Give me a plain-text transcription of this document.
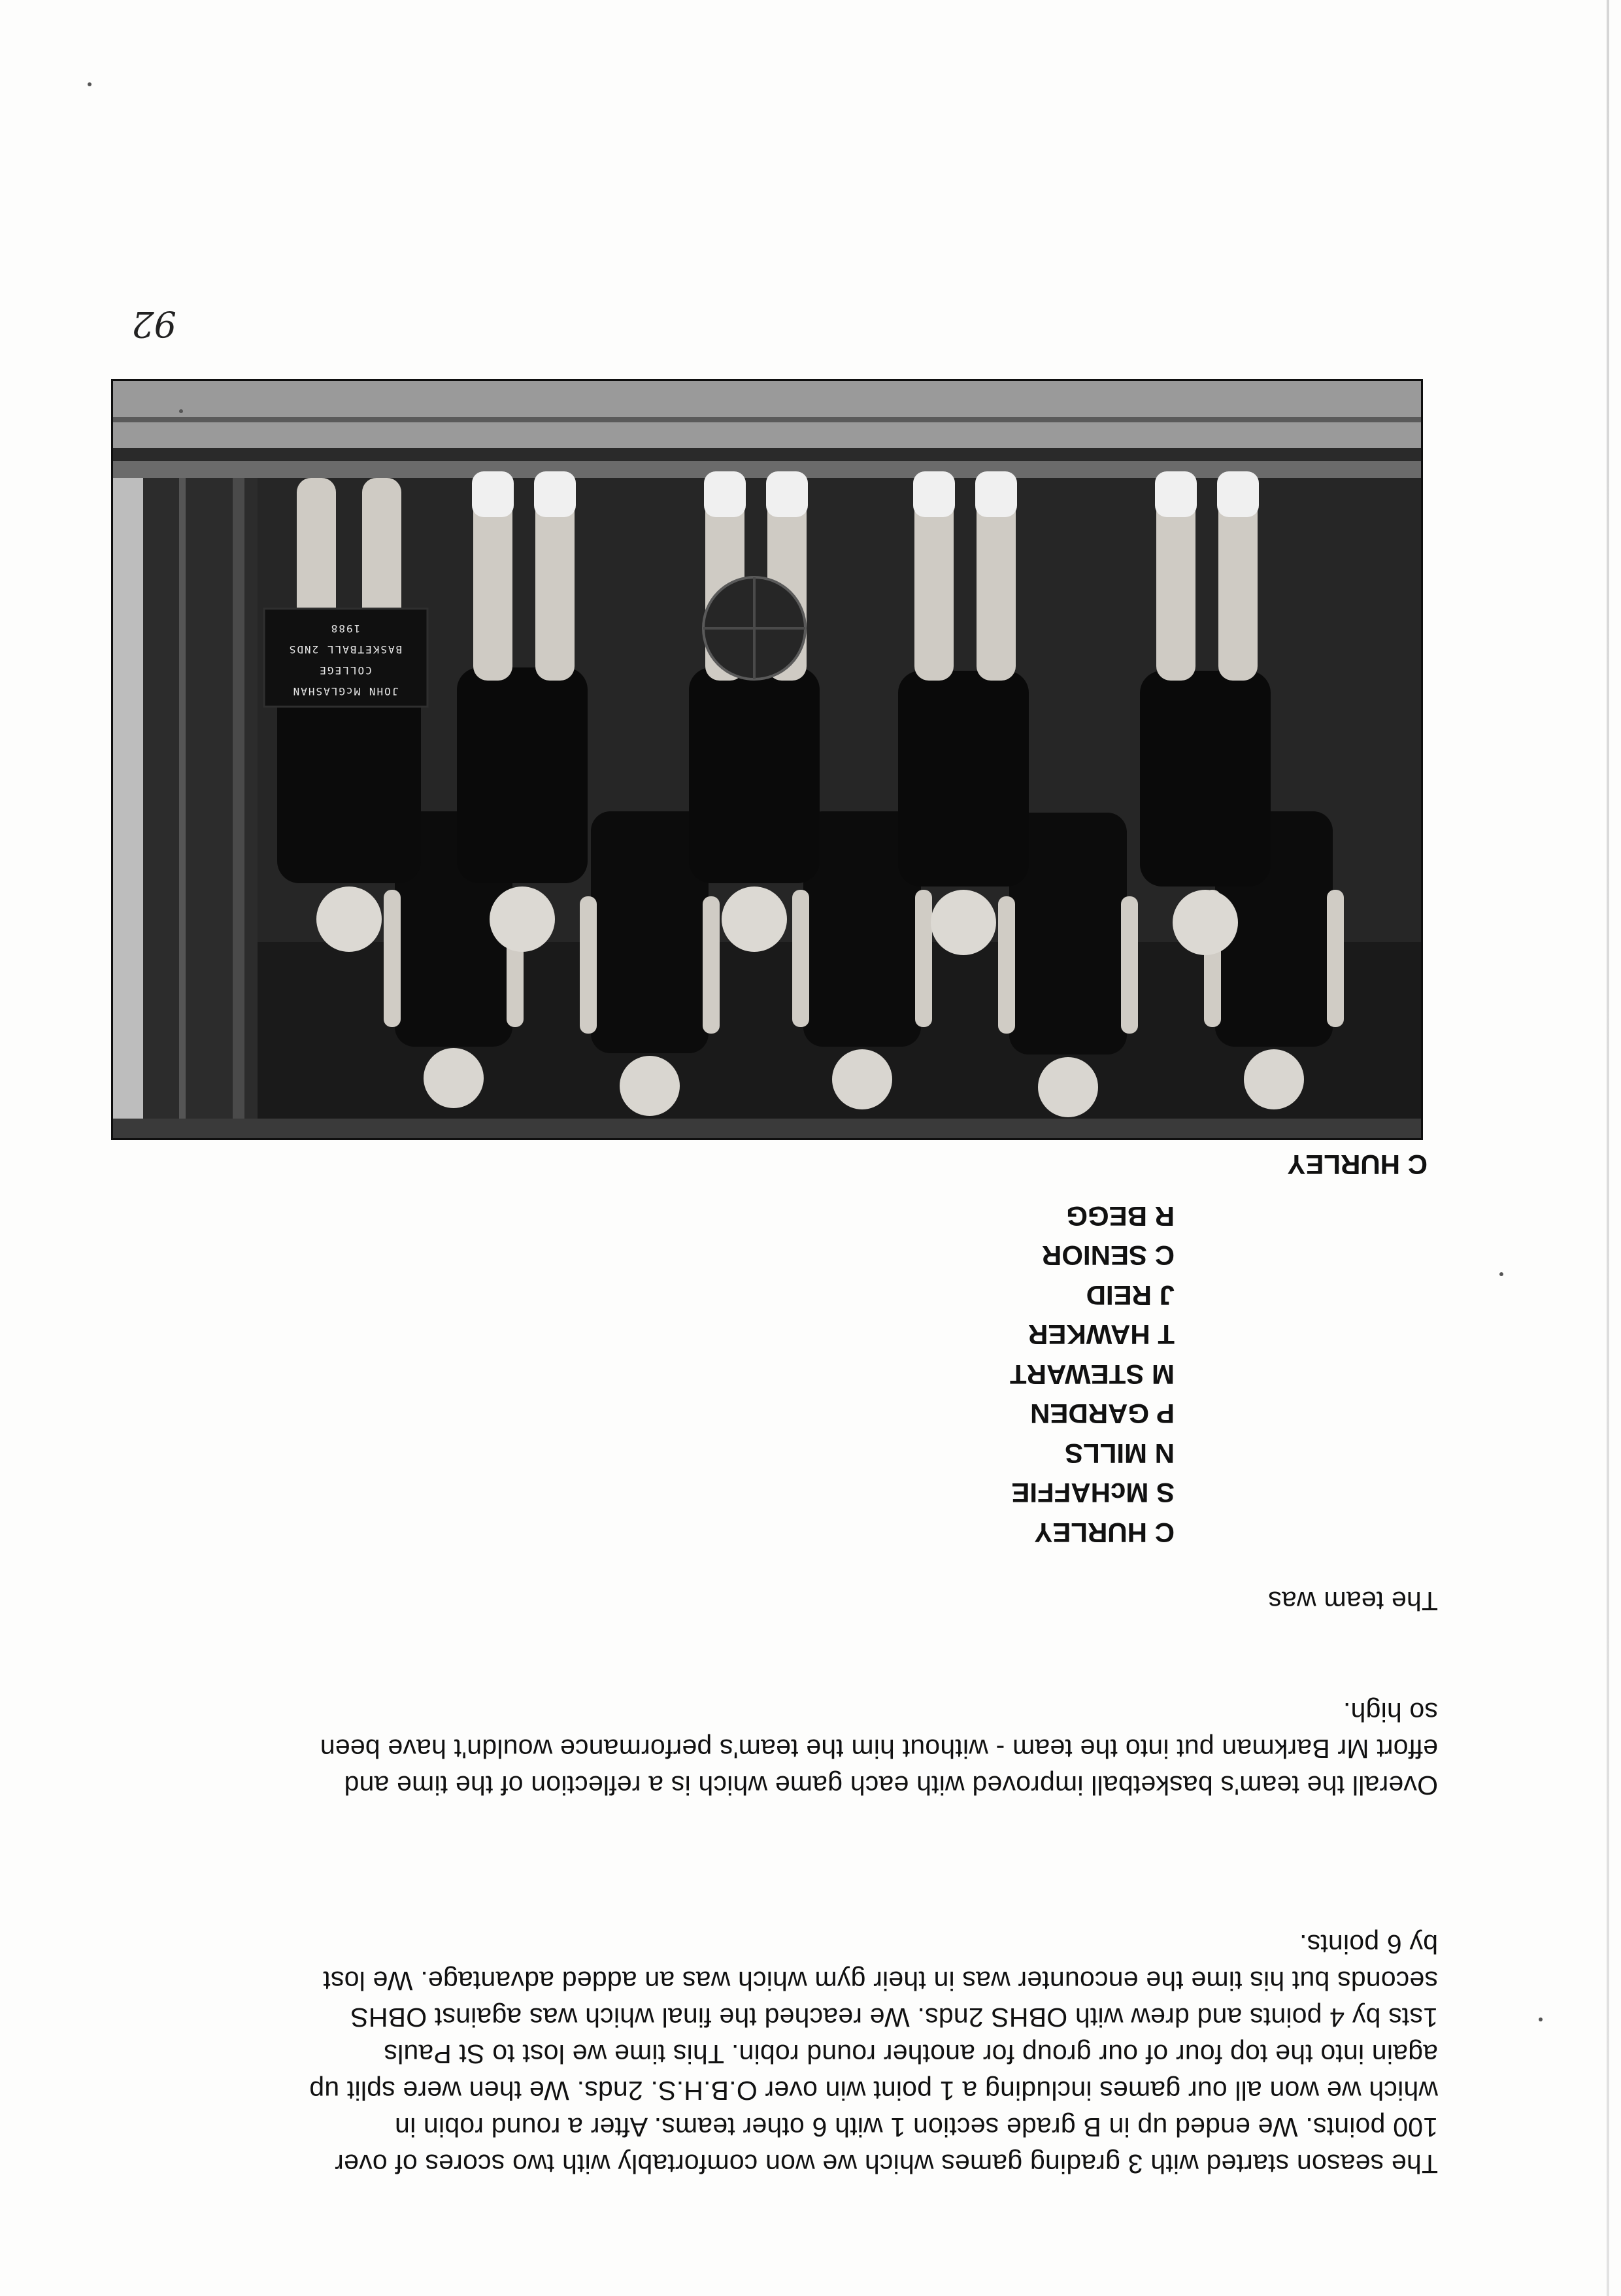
The season started with 3 grading games which we won comfortably with two scores of over

100 points. We ended up in B grade section 1 with 6 other teams. After a round robin in

which we won all our games including a 1 point win over O.B.H.S. 2nds. We then were split up

again into the top four of our group for another round robin. This time we lost to St Pauls

1sts by 4 points and drew with OBHS 2nds. We reached the final which was against OBHS

seconds but his time the encounter was in their gym which was an added advantage. We lost

by 6 points.

Overall the team's basketball improved with each game which is a reflection of the time and

effort Mr Barkman put into the team - without him the team's performance wouldn't have been

so high.

The team was

C HURLEY
S McHAFFIE
N MILLS
P GARDEN
M STEWART
T HAWKER
J REID
C SENIOR
R BEGG
C HURLEY
JOHN McGLASHAN
COLLEGE
BASKETBALL 2NDS
1988
92
